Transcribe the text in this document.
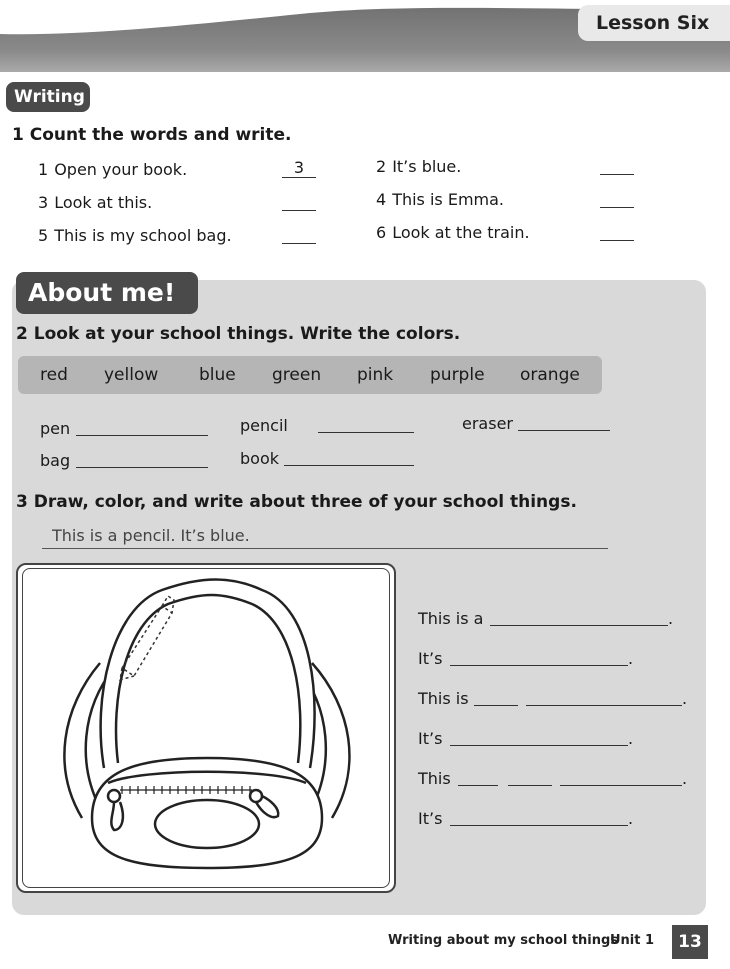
Lesson Six
Writing
1 Count the words and write.
1 Open your book.	3	2 It’s blue.
3 Look at this.	4 This is Emma.
5 This is my school bag.	6 Look at the train.
About me!
2 Look at your school things. Write the colors.
red yellow blue green pink purple orange
pen	pencil	eraser
bag	book
3 Draw, color, and write about three of your school things.
This is a pencil. It’s blue.
This is a	.
It’s	.
This is	.
It’s	.
This	.
It’s	.
Writing about my school things
Unit 1	13
